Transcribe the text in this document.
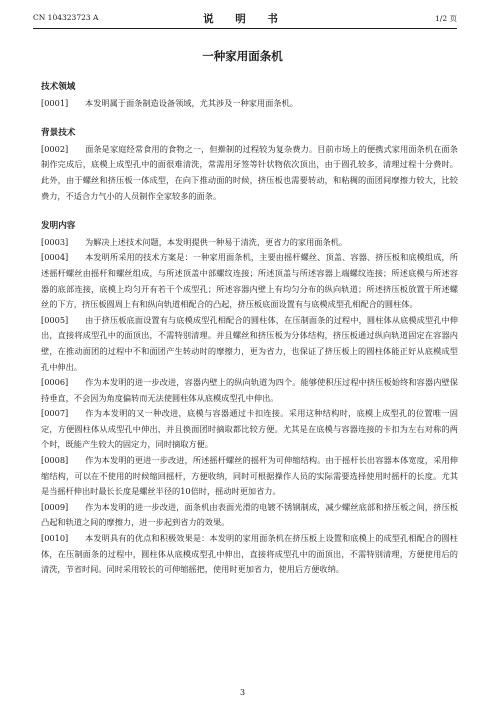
CN 104323723 A	说 明 书	1/2 页
一种家用面条机
技术领域
[0001] 本发明属于面条制造设备领域，尤其涉及一种家用面条机。
背景技术
[0002] 面条是家庭经常食用的食物之一，但擀制的过程较为复杂费力。目前市场上的便携式家用面条机在面条制作完成后，底模上成型孔中的面很难清洗，常需用牙签等针状物依次顶出，由于圆孔较多，清理过程十分费时。此外，由于螺丝和挤压板一体成型，在向下推动面的时候，挤压板也需要转动，和粘稠的面团间摩擦力较大，比较费力，不适合力气小的人员制作全家较多的面条。
发明内容
[0003] 为解决上述技术问题，本发明提供一种易于清洗，更省力的家用面条机。
[0004] 本发明所采用的技术方案是：一种家用面条机，主要由摇杆螺丝、顶盖、容器、挤压板和底模组成，所述摇杆螺丝由摇杆和螺丝组成，与所述顶盖中部螺纹连接；所述顶盖与所述容器上端螺纹连接；所述底模与所述容器的底部连接，底模上均匀开有若干个成型孔；所述容器内壁上有均匀分布的纵向轨道；所述挤压板放置于所述螺丝的下方，挤压板圆周上有和纵向轨道相配合的凸起，挤压板底面设置有与底模成型孔相配合的圆柱体。
[0005] 由于挤压板底面设置有与底模成型孔相配合的圆柱体，在压制面条的过程中，圆柱体从底模成型孔中伸出，直接将成型孔中的面顶出，不需特别清理。并且螺丝和挤压板为分体结构，挤压板通过纵向轨道固定在容器内壁，在推动面团的过程中不和面团产生转动时的摩擦力，更为省力，也保证了挤压板上的圆柱体能正好从底模成型孔中伸出。
[0006] 作为本发明的进一步改进，容器内壁上的纵向轨道为四个。能够使积压过程中挤压板始终和容器内壁保持垂直，不会因为角度偏转而无法使圆柱体从底模成型孔中伸出。
[0007] 作为本发明的又一种改进，底模与容器通过卡扣连接。采用这种结构时，底模上成型孔的位置唯一固定，方便圆柱体从成型孔中伸出，并且换面团时摘取都比较方便。尤其是在底模与容器连接的卡扣为左右对称的两个时，既能产生较大的固定力，同时摘取方便。
[0008] 作为本发明的更进一步改进，所述摇杆螺丝的摇杆为可伸缩结构。由于摇杆长出容器本体宽度，采用伸缩结构，可以在不使用的时候缩回摇杆，方便收纳，同时可根据操作人员的实际需要选择使用时摇杆的长度。尤其是当摇杆伸出时最长长度是螺丝半径的10倍时，摇动时更加省力。
[0009] 作为本发明的进一步改进，面条机由表面光滑的电镀不锈钢制成，减少螺丝底部和挤压板之间，挤压板凸起和轨道之间的摩擦力，进一步起到省力的效果。
[0010] 本发明具有的优点和积极效果是：本发明的家用面条机在挤压板上设置和底模上的成型孔相配合的圆柱体，在压制面条的过程中，圆柱体从底模成型孔中伸出，直接将成型孔中的面顶出，不需特别清理，方便使用后的清洗，节省时间。同时采用较长的可伸缩摇把，使用时更加省力，使用后方便收纳。
3
